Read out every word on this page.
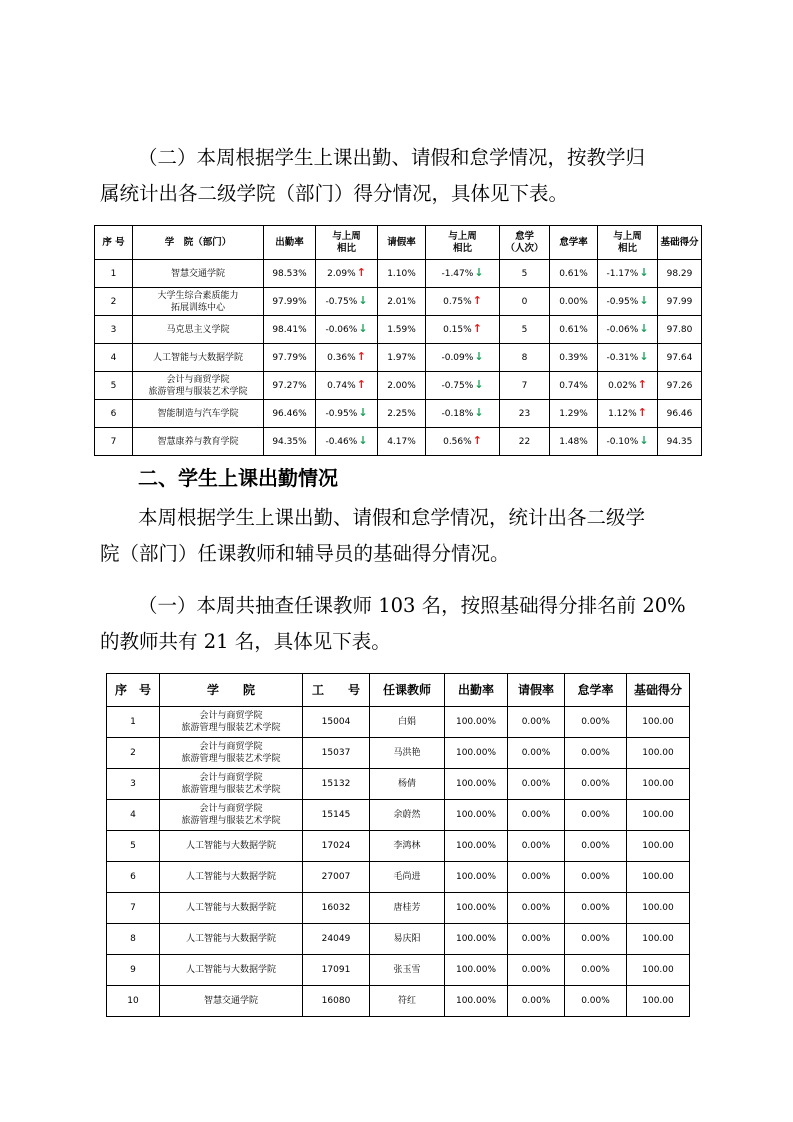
（二）本周根据学生上课出勤、请假和怠学情况，按教学归
属统计出各二级学院（部门）得分情况，具体见下表。
序 号	学　院（部门）	出勤率	与上周
相比	请假率	与上周
相比	怠学
（人次）	怠学率	与上周
相比	基础得分
1	智慧交通学院	98.53%	2.09%↑	1.10%	-1.47%↓	5	0.61%	-1.17%↓	98.29
2	大学生综合素质能力
拓展训练中心	97.99%	-0.75%↓	2.01%	0.75%↑	0	0.00%	-0.95%↓	97.99
3	马克思主义学院	98.41%	-0.06%↓	1.59%	0.15%↑	5	0.61%	-0.06%↓	97.80
4	人工智能与大数据学院	97.79%	0.36%↑	1.97%	-0.09%↓	8	0.39%	-0.31%↓	97.64
5	会计与商贸学院
旅游管理与服装艺术学院	97.27%	0.74%↑	2.00%	-0.75%↓	7	0.74%	0.02%↑	97.26
6	智能制造与汽车学院	96.46%	-0.95%↓	2.25%	-0.18%↓	23	1.29%	1.12%↑	96.46
7	智慧康养与教育学院	94.35%	-0.46%↓	4.17%	0.56%↑	22	1.48%	-0.10%↓	94.35
二、学生上课出勤情况
本周根据学生上课出勤、请假和怠学情况，统计出各二级学
院（部门）任课教师和辅导员的基础得分情况。
（一）本周共抽查任课教师 103 名，按照基础得分排名前 20%
的教师共有 21 名，具体见下表。
序　号	学　　院	工　　号	任课教师	出勤率	请假率	怠学率	基础得分
1	会计与商贸学院
旅游管理与服装艺术学院	15004	白娟	100.00%	0.00%	0.00%	100.00
2	会计与商贸学院
旅游管理与服装艺术学院	15037	马洪艳	100.00%	0.00%	0.00%	100.00
3	会计与商贸学院
旅游管理与服装艺术学院	15132	杨倩	100.00%	0.00%	0.00%	100.00
4	会计与商贸学院
旅游管理与服装艺术学院	15145	余蔚然	100.00%	0.00%	0.00%	100.00
5	人工智能与大数据学院	17024	李鸿林	100.00%	0.00%	0.00%	100.00
6	人工智能与大数据学院	27007	毛尚进	100.00%	0.00%	0.00%	100.00
7	人工智能与大数据学院	16032	唐桂芳	100.00%	0.00%	0.00%	100.00
8	人工智能与大数据学院	24049	易庆阳	100.00%	0.00%	0.00%	100.00
9	人工智能与大数据学院	17091	张玉雪	100.00%	0.00%	0.00%	100.00
10	智慧交通学院	16080	符红	100.00%	0.00%	0.00%	100.00
